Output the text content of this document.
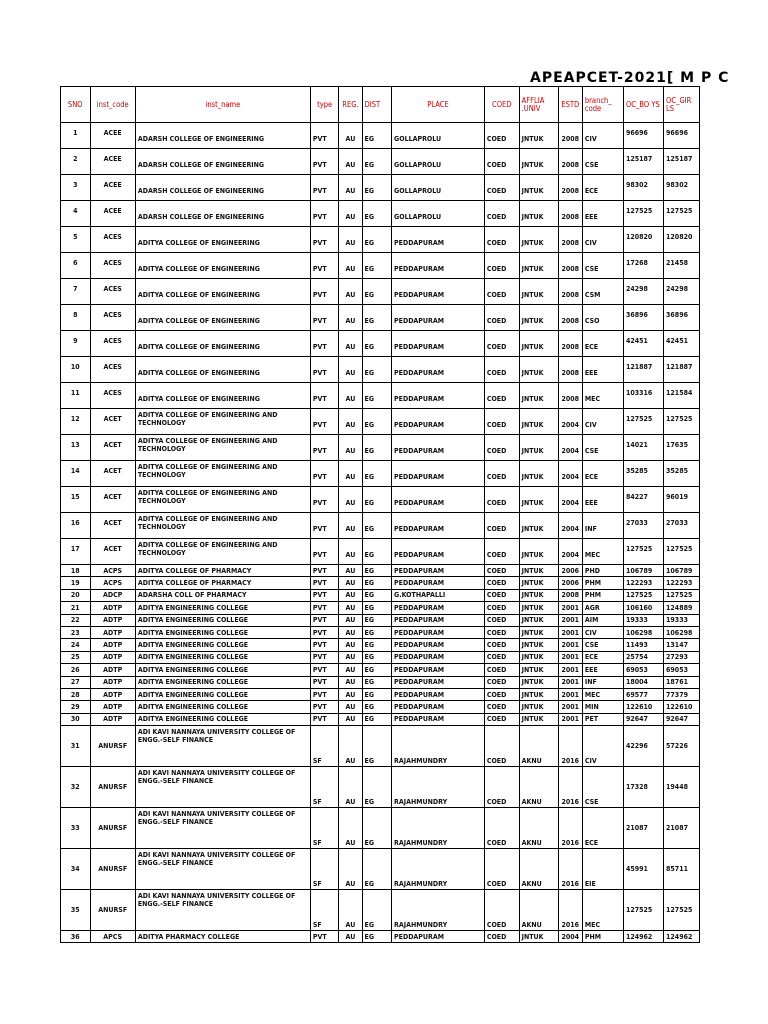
APEAPCET-2021[ M P C
SNO	inst_code	inst_name	type	REG.	DIST	PLACE	COED	AFFLIA .UNIV	ESTD	branch_ code	OC_BO YS	OC_GIR LS
1	ACEE	ADARSH COLLEGE OF ENGINEERING	PVT	AU	EG	GOLLAPROLU	COED	JNTUK	2008	CIV	96696	96696
2	ACEE	ADARSH COLLEGE OF ENGINEERING	PVT	AU	EG	GOLLAPROLU	COED	JNTUK	2008	CSE	125187	125187
3	ACEE	ADARSH COLLEGE OF ENGINEERING	PVT	AU	EG	GOLLAPROLU	COED	JNTUK	2008	ECE	98302	98302
4	ACEE	ADARSH COLLEGE OF ENGINEERING	PVT	AU	EG	GOLLAPROLU	COED	JNTUK	2008	EEE	127525	127525
5	ACES	ADITYA COLLEGE OF ENGINEERING	PVT	AU	EG	PEDDAPURAM	COED	JNTUK	2008	CIV	120820	120820
6	ACES	ADITYA COLLEGE OF ENGINEERING	PVT	AU	EG	PEDDAPURAM	COED	JNTUK	2008	CSE	17268	21458
7	ACES	ADITYA COLLEGE OF ENGINEERING	PVT	AU	EG	PEDDAPURAM	COED	JNTUK	2008	CSM	24298	24298
8	ACES	ADITYA COLLEGE OF ENGINEERING	PVT	AU	EG	PEDDAPURAM	COED	JNTUK	2008	CSO	36896	36896
9	ACES	ADITYA COLLEGE OF ENGINEERING	PVT	AU	EG	PEDDAPURAM	COED	JNTUK	2008	ECE	42451	42451
10	ACES	ADITYA COLLEGE OF ENGINEERING	PVT	AU	EG	PEDDAPURAM	COED	JNTUK	2008	EEE	121887	121887
11	ACES	ADITYA COLLEGE OF ENGINEERING	PVT	AU	EG	PEDDAPURAM	COED	JNTUK	2008	MEC	103316	121584
12	ACET	ADITYA COLLEGE OF ENGINEERING AND TECHNOLOGY	PVT	AU	EG	PEDDAPURAM	COED	JNTUK	2004	CIV	127525	127525
13	ACET	ADITYA COLLEGE OF ENGINEERING AND TECHNOLOGY	PVT	AU	EG	PEDDAPURAM	COED	JNTUK	2004	CSE	14021	17635
14	ACET	ADITYA COLLEGE OF ENGINEERING AND TECHNOLOGY	PVT	AU	EG	PEDDAPURAM	COED	JNTUK	2004	ECE	35285	35285
15	ACET	ADITYA COLLEGE OF ENGINEERING AND TECHNOLOGY	PVT	AU	EG	PEDDAPURAM	COED	JNTUK	2004	EEE	84227	96019
16	ACET	ADITYA COLLEGE OF ENGINEERING AND TECHNOLOGY	PVT	AU	EG	PEDDAPURAM	COED	JNTUK	2004	INF	27033	27033
17	ACET	ADITYA COLLEGE OF ENGINEERING AND TECHNOLOGY	PVT	AU	EG	PEDDAPURAM	COED	JNTUK	2004	MEC	127525	127525
18	ACPS	ADITYA COLLEGE OF PHARMACY	PVT	AU	EG	PEDDAPURAM	COED	JNTUK	2006	PHD	106789	106789
19	ACPS	ADITYA COLLEGE OF PHARMACY	PVT	AU	EG	PEDDAPURAM	COED	JNTUK	2006	PHM	122293	122293
20	ADCP	ADARSHA COLL OF PHARMACY	PVT	AU	EG	G.KOTHAPALLI	COED	JNTUK	2008	PHM	127525	127525
21	ADTP	ADITYA ENGINEERING COLLEGE	PVT	AU	EG	PEDDAPURAM	COED	JNTUK	2001	AGR	106160	124889
22	ADTP	ADITYA ENGINEERING COLLEGE	PVT	AU	EG	PEDDAPURAM	COED	JNTUK	2001	AIM	19333	19333
23	ADTP	ADITYA ENGINEERING COLLEGE	PVT	AU	EG	PEDDAPURAM	COED	JNTUK	2001	CIV	106298	106298
24	ADTP	ADITYA ENGINEERING COLLEGE	PVT	AU	EG	PEDDAPURAM	COED	JNTUK	2001	CSE	11493	13147
25	ADTP	ADITYA ENGINEERING COLLEGE	PVT	AU	EG	PEDDAPURAM	COED	JNTUK	2001	ECE	25754	27293
26	ADTP	ADITYA ENGINEERING COLLEGE	PVT	AU	EG	PEDDAPURAM	COED	JNTUK	2001	EEE	69053	69053
27	ADTP	ADITYA ENGINEERING COLLEGE	PVT	AU	EG	PEDDAPURAM	COED	JNTUK	2001	INF	18004	18761
28	ADTP	ADITYA ENGINEERING COLLEGE	PVT	AU	EG	PEDDAPURAM	COED	JNTUK	2001	MEC	69577	77379
29	ADTP	ADITYA ENGINEERING COLLEGE	PVT	AU	EG	PEDDAPURAM	COED	JNTUK	2001	MIN	122610	122610
30	ADTP	ADITYA ENGINEERING COLLEGE	PVT	AU	EG	PEDDAPURAM	COED	JNTUK	2001	PET	92647	92647
31	ANURSF	ADI KAVI NANNAYA UNIVERSITY COLLEGE OF ENGG.-SELF FINANCE	SF	AU	EG	RAJAHMUNDRY	COED	AKNU	2016	CIV	42296	57226
32	ANURSF	ADI KAVI NANNAYA UNIVERSITY COLLEGE OF ENGG.-SELF FINANCE	SF	AU	EG	RAJAHMUNDRY	COED	AKNU	2016	CSE	17328	19448
33	ANURSF	ADI KAVI NANNAYA UNIVERSITY COLLEGE OF ENGG.-SELF FINANCE	SF	AU	EG	RAJAHMUNDRY	COED	AKNU	2016	ECE	21087	21087
34	ANURSF	ADI KAVI NANNAYA UNIVERSITY COLLEGE OF ENGG.-SELF FINANCE	SF	AU	EG	RAJAHMUNDRY	COED	AKNU	2016	EIE	45991	85711
35	ANURSF	ADI KAVI NANNAYA UNIVERSITY COLLEGE OF ENGG.-SELF FINANCE	SF	AU	EG	RAJAHMUNDRY	COED	AKNU	2016	MEC	127525	127525
36	APCS	ADITYA PHARMACY COLLEGE	PVT	AU	EG	PEDDAPURAM	COED	JNTUK	2004	PHM	124962	124962
